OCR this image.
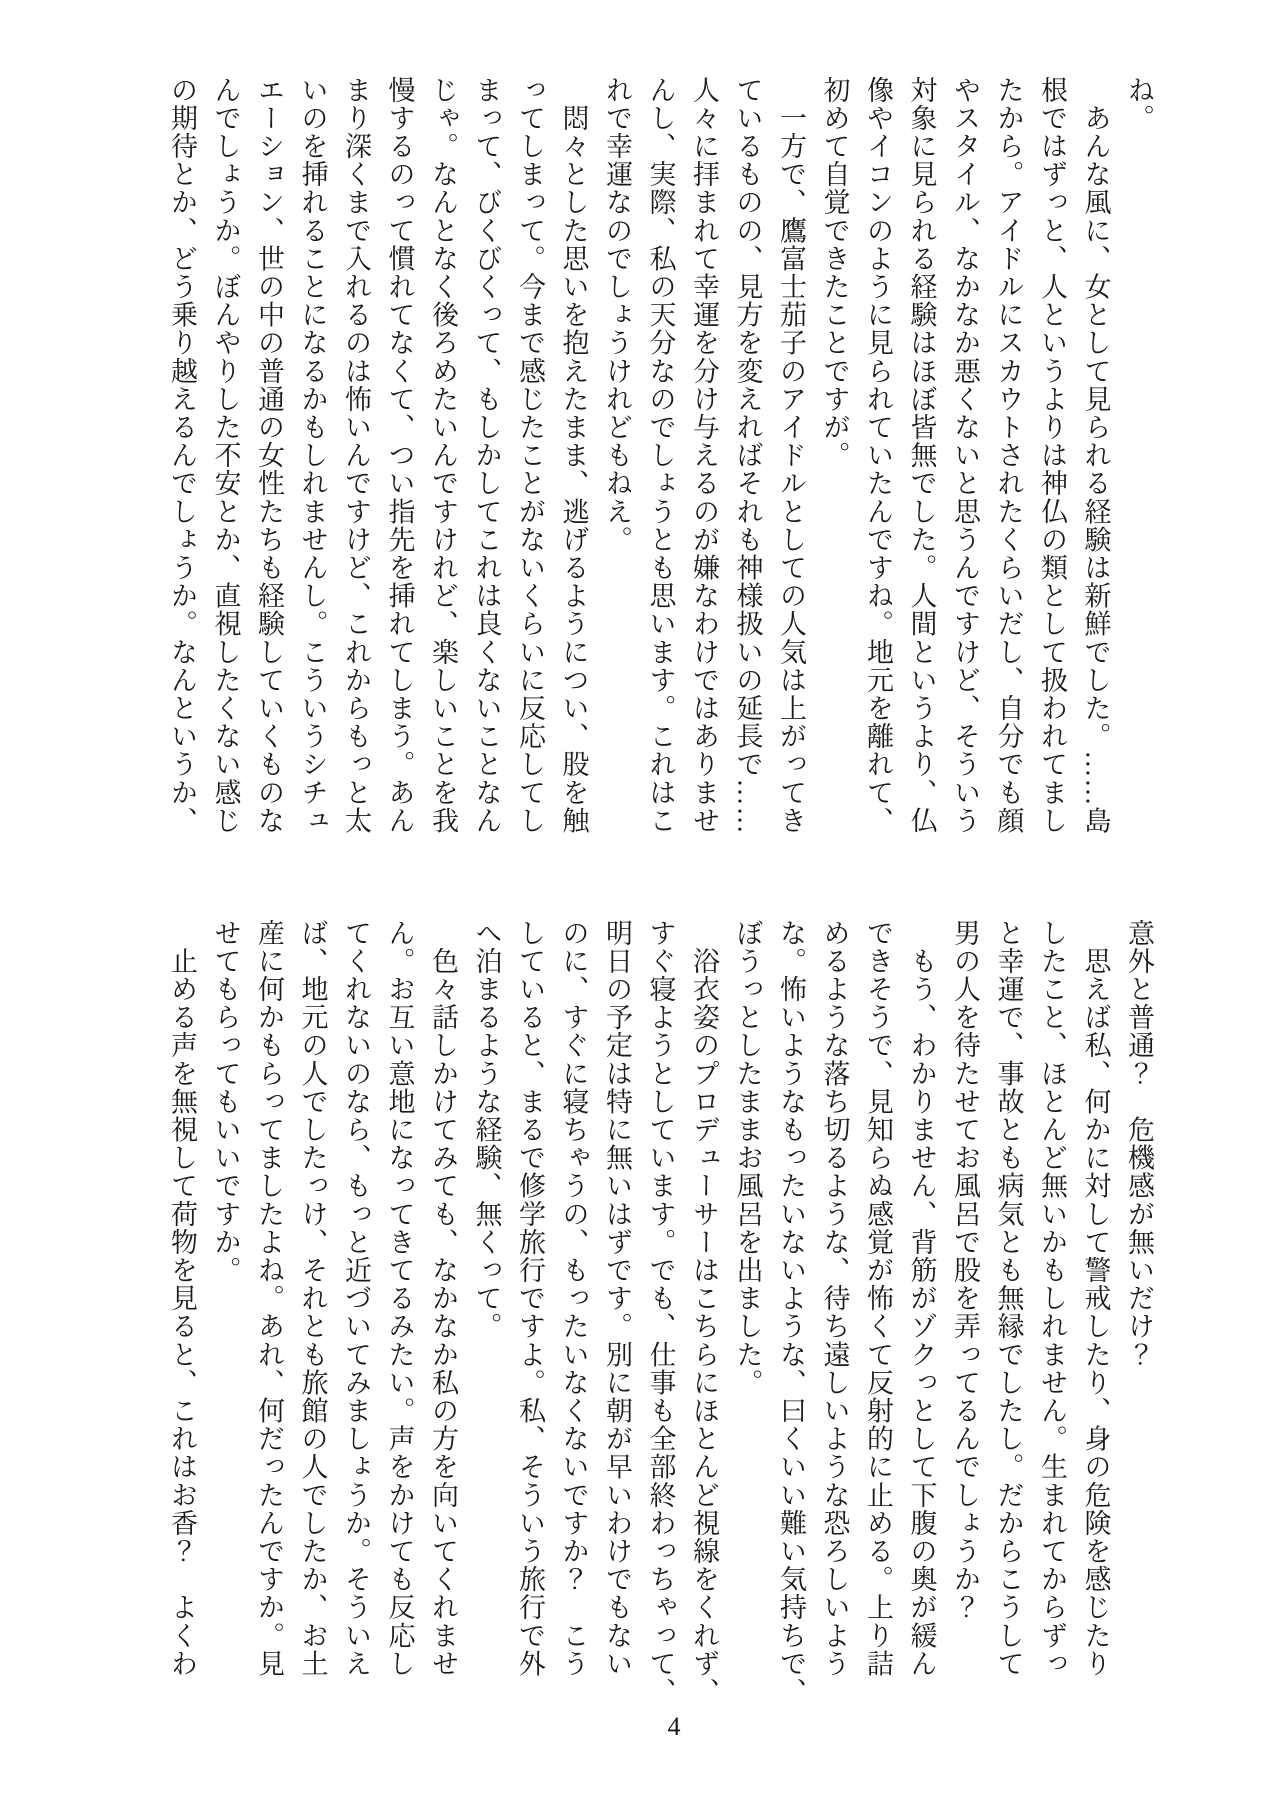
ね。
　あんな風に、女として見られる経験は新鮮でした。……島
根ではずっと、人というよりは神仏の類として扱われてまし
たから。アイドルにスカウトされたくらいだし、自分でも顔
やスタイル、なかなか悪くないと思うんですけど、そういう
対象に見られる経験はほぼ皆無でした。人間というより、仏
像やイコンのように見られていたんですね。地元を離れて、
初めて自覚できたことですが。
　一方で、鷹富士茄子のアイドルとしての人気は上がってき
ているものの、見方を変えればそれも神様扱いの延長で……
人々に拝まれて幸運を分け与えるのが嫌なわけではありませ
んし、実際、私の天分なのでしょうとも思います。これはこ
れで幸運なのでしょうけれどもねえ。
　悶々とした思いを抱えたまま、逃げるようについ、股を触
ってしまって。今まで感じたことがないくらいに反応してし
まって、びくびくって、もしかしてこれは良くないことなん
じゃ。なんとなく後ろめたいんですけれど、楽しいことを我
慢するのって慣れてなくて、つい指先を挿れてしまう。あん
まり深くまで入れるのは怖いんですけど、これからもっと太
いのを挿れることになるかもしれませんし。こういうシチュ
エーション、世の中の普通の女性たちも経験していくものな
んでしょうか。ぼんやりした不安とか、直視したくない感じ
の期待とか、どう乗り越えるんでしょうか。なんというか、
意外と普通？　危機感が無いだけ？
　思えば私、何かに対して警戒したり、身の危険を感じたり
したこと、ほとんど無いかもしれません。生まれてからずっ
と幸運で、事故とも病気とも無縁でしたし。だからこうして
男の人を待たせてお風呂で股を弄ってるんでしょうか？
　もう、わかりません、背筋がゾクっとして下腹の奥が緩ん
できそうで、見知らぬ感覚が怖くて反射的に止める。上り詰
めるような落ち切るような、待ち遠しいような恐ろしいよう
な。怖いようなもったいないような、曰くいい難い気持ちで、
ぼうっとしたままお風呂を出ました。
　浴衣姿のプロデューサーはこちらにほとんど視線をくれず、
すぐ寝ようとしています。でも、仕事も全部終わっちゃって、
明日の予定は特に無いはずです。別に朝が早いわけでもない
のに、すぐに寝ちゃうの、もったいなくないですか？　こう
していると、まるで修学旅行ですよ。私、そういう旅行で外
へ泊まるような経験、無くって。
　色々話しかけてみても、なかなか私の方を向いてくれませ
ん。お互い意地になってきてるみたい。声をかけても反応し
てくれないのなら、もっと近づいてみましょうか。そういえ
ば、地元の人でしたっけ、それとも旅館の人でしたか、お土
産に何かもらってましたよね。あれ、何だったんですか。見
せてもらってもいいですか。
　止める声を無視して荷物を見ると、これはお香？　よくわ
4
